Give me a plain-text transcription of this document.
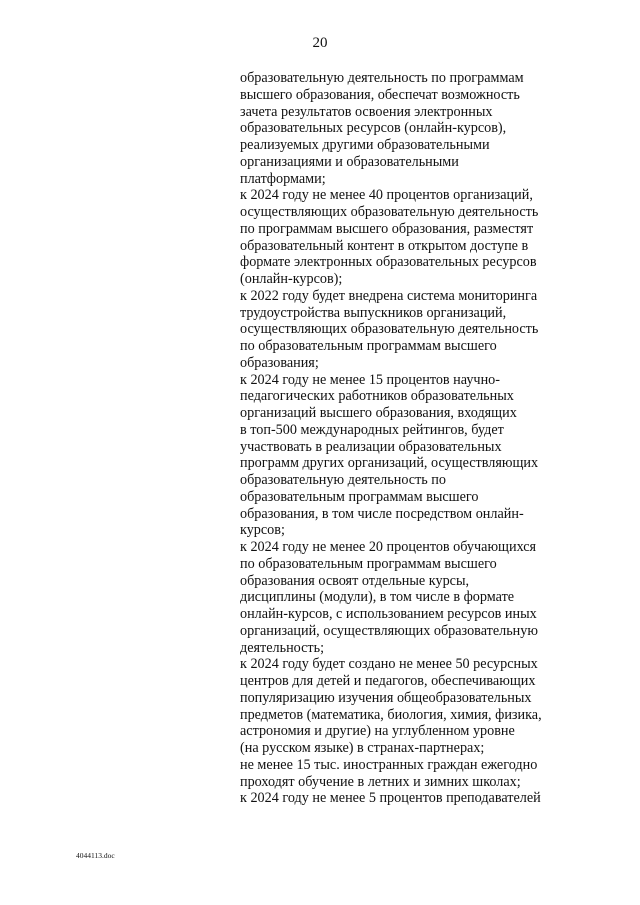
20
образовательную деятельность по программам
высшего образования, обеспечат возможность
зачета результатов освоения электронных
образовательных ресурсов (онлайн-курсов),
реализуемых другими образовательными
организациями и образовательными
платформами;
к 2024 году не менее 40 процентов организаций,
осуществляющих образовательную деятельность
по программам высшего образования, разместят
образовательный контент в открытом доступе в
формате электронных образовательных ресурсов
(онлайн-курсов);
к 2022 году будет внедрена система мониторинга
трудоустройства выпускников организаций,
осуществляющих образовательную деятельность
по образовательным программам высшего
образования;
к 2024 году не менее 15 процентов научно-
педагогических работников образовательных
организаций высшего образования, входящих
в топ-500 международных рейтингов, будет
участвовать в реализации образовательных
программ других организаций, осуществляющих
образовательную деятельность по
образовательным программам высшего
образования, в том числе посредством онлайн-
курсов;
к 2024 году не менее 20 процентов обучающихся
по образовательным программам высшего
образования освоят отдельные курсы,
дисциплины (модули), в том числе в формате
онлайн-курсов, с использованием ресурсов иных
организаций, осуществляющих образовательную
деятельность;
к 2024 году будет создано не менее 50 ресурсных
центров для детей и педагогов, обеспечивающих
популяризацию изучения общеобразовательных
предметов (математика, биология, химия, физика,
астрономия и другие) на углубленном уровне
(на русском языке) в странах-партнерах;
не менее 15 тыс. иностранных граждан ежегодно
проходят обучение в летних и зимних школах;
к 2024 году не менее 5 процентов преподавателей
4044113.doc
